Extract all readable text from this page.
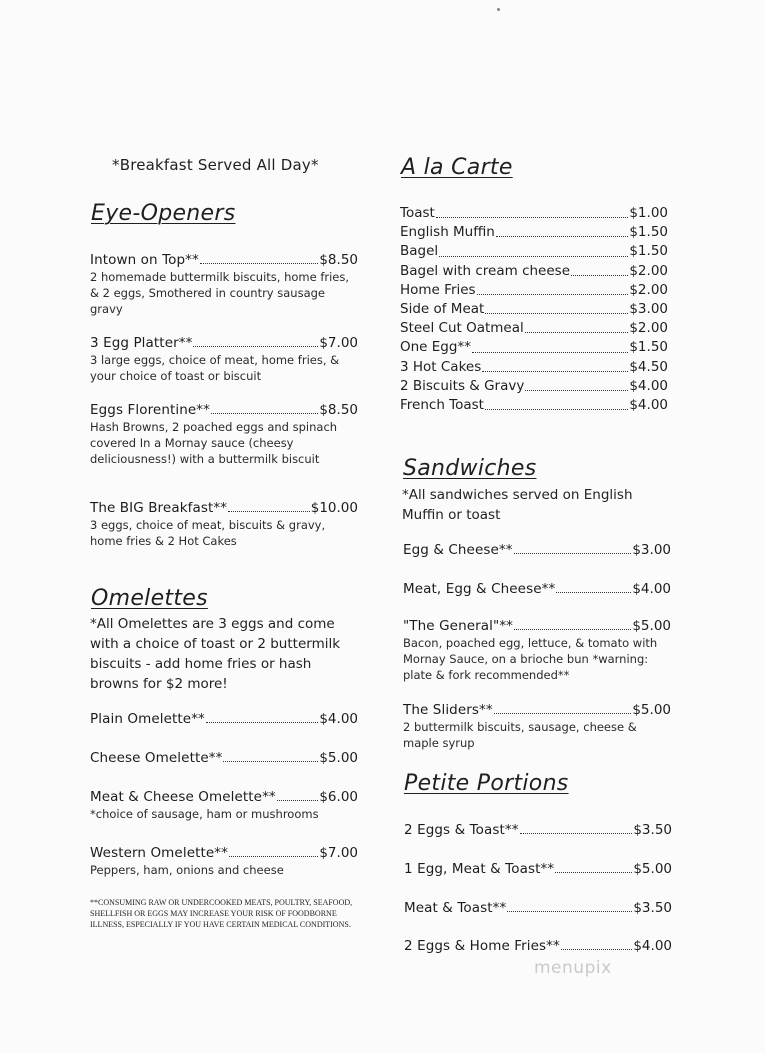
*Breakfast Served All Day*
Eye-Openers
Intown on Top**	$8.50
2 homemade buttermilk biscuits, home fries, & 2 eggs, Smothered in country sausage gravy
3 Egg Platter**	$7.00
3 large eggs, choice of meat, home fries, & your choice of toast or biscuit
Eggs Florentine**	$8.50
Hash Browns, 2 poached eggs and spinach covered In a Mornay sauce (cheesy deliciousness!) with a buttermilk biscuit
The BIG Breakfast**	$10.00
3 eggs, choice of meat, biscuits & gravy, home fries & 2 Hot Cakes
Omelettes
*All Omelettes are 3 eggs and come with a choice of toast or 2 buttermilk biscuits - add home fries or hash browns for $2 more!
Plain Omelette**	$4.00
Cheese Omelette**	$5.00
Meat & Cheese Omelette**	$6.00
*choice of sausage, ham or mushrooms
Western Omelette**	$7.00
Peppers, ham, onions and cheese
**CONSUMING RAW OR UNDERCOOKED MEATS, POULTRY, SEAFOOD, SHELLFISH OR EGGS MAY INCREASE YOUR RISK OF FOODBORNE ILLNESS, ESPECIALLY IF YOU HAVE CERTAIN MEDICAL CONDITIONS.
A la Carte
Toast	$1.00
English Muffin	$1.50
Bagel	$1.50
Bagel with cream cheese	$2.00
Home Fries	$2.00
Side of Meat	$3.00
Steel Cut Oatmeal	$2.00
One Egg**	$1.50
3 Hot Cakes	$4.50
2 Biscuits & Gravy	$4.00
French Toast	$4.00
Sandwiches
*All sandwiches served on English Muffin or toast
Egg & Cheese**	$3.00
Meat, Egg & Cheese**	$4.00
"The General"**	$5.00
Bacon, poached egg, lettuce, & tomato with Mornay Sauce, on a brioche bun *warning: plate & fork recommended**
The Sliders**	$5.00
2 buttermilk biscuits, sausage, cheese & maple syrup
Petite Portions
2 Eggs & Toast**	$3.50
1 Egg, Meat & Toast**	$5.00
Meat & Toast**	$3.50
2 Eggs & Home Fries**	$4.00
menupix
